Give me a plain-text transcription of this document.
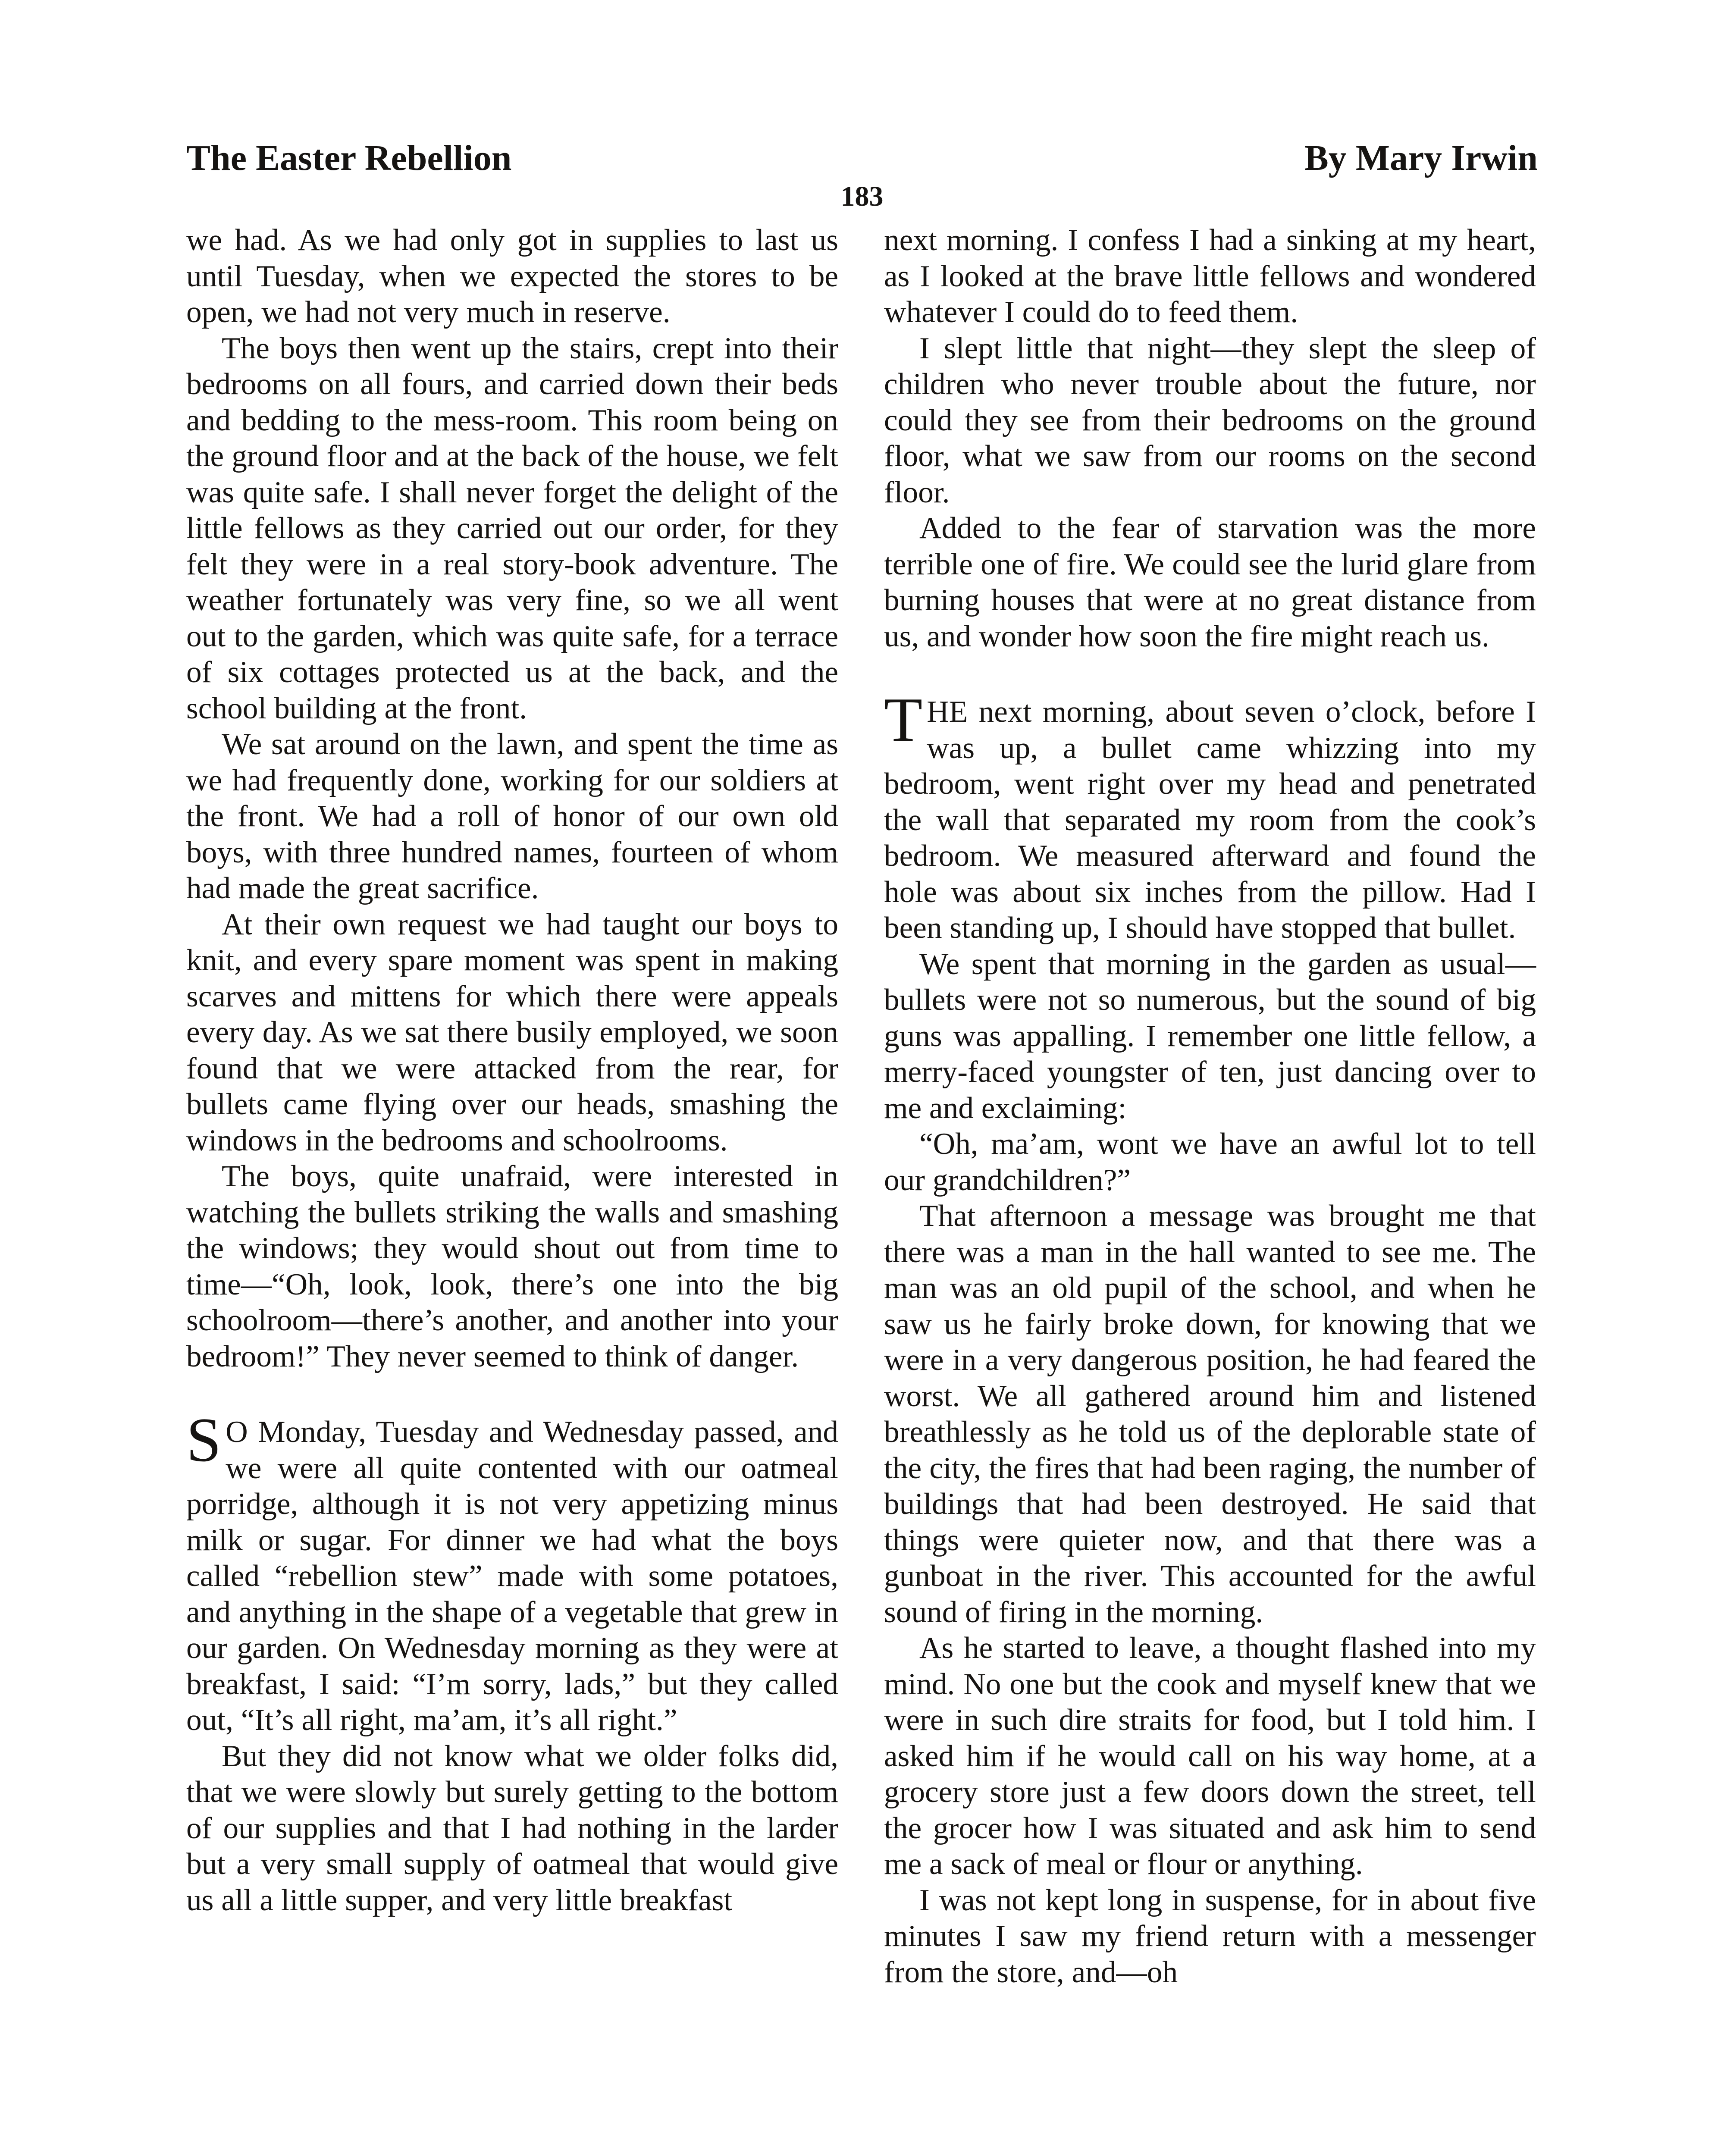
The Easter Rebellion	By Mary Irwin
183

we had. As we had only got in supplies to last us until Tuesday, when we expected the stores to be open, we had not very much in reserve.

The boys then went up the stairs, crept into their bedrooms on all fours, and carried down their beds and bedding to the mess-room. This room being on the ground floor and at the back of the house, we felt was quite safe. I shall never forget the delight of the little fellows as they carried out our order, for they felt they were in a real story-book adventure. The weather fortunately was very fine, so we all went out to the garden, which was quite safe, for a terrace of six cottages protected us at the back, and the school building at the front.

We sat around on the lawn, and spent the time as we had frequently done, working for our soldiers at the front. We had a roll of honor of our own old boys, with three hundred names, fourteen of whom had made the great sacrifice.

At their own request we had taught our boys to knit, and every spare moment was spent in making scarves and mittens for which there were appeals every day. As we sat there busily employed, we soon found that we were attacked from the rear, for bullets came flying over our heads, smashing the windows in the bedrooms and schoolrooms.

The boys, quite unafraid, were interested in watching the bullets striking the walls and smashing the windows; they would shout out from time to time—“Oh, look, look, there’s one into the big schoolroom—there’s another, and another into your bedroom!” They never seemed to think of danger.

S O Monday, Tuesday and Wednesday passed, and we were all quite contented with our oatmeal porridge, although it is not very appetizing minus milk or sugar. For dinner we had what the boys called “rebellion stew” made with some potatoes, and anything in the shape of a vegetable that grew in our garden. On Wednesday morning as they were at breakfast, I said: “I’m sorry, lads,” but they called out, “It’s all right, ma’am, it’s all right.”

But they did not know what we older folks did, that we were slowly but surely getting to the bottom of our supplies and that I had nothing in the larder but a very small supply of oatmeal that would give us all a little supper, and very little breakfast

next morning. I confess I had a sinking at my heart, as I looked at the brave little fellows and wondered whatever I could do to feed them.

I slept little that night—they slept the sleep of children who never trouble about the future, nor could they see from their bedrooms on the ground floor, what we saw from our rooms on the second floor.

Added to the fear of starvation was the more terrible one of fire. We could see the lurid glare from burning houses that were at no great distance from us, and wonder how soon the fire might reach us.

THE next morning, about seven o’clock, before I was up, a bullet came whizzing into my bedroom, went right over my head and penetrated the wall that separated my room from the cook’s bedroom. We measured afterward and found the hole was about six inches from the pillow. Had I been standing up, I should have stopped that bullet.

We spent that morning in the garden as usual—bullets were not so numerous, but the sound of big guns was appalling. I remember one little fellow, a merry-faced youngster of ten, just dancing over to me and exclaiming:

“Oh, ma’am, wont we have an awful lot to tell our grandchildren?”

That afternoon a message was brought me that there was a man in the hall wanted to see me. The man was an old pupil of the school, and when he saw us he fairly broke down, for knowing that we were in a very dangerous position, he had feared the worst. We all gathered around him and listened breathlessly as he told us of the deplorable state of the city, the fires that had been raging, the number of buildings that had been destroyed. He said that things were quieter now, and that there was a gunboat in the river. This accounted for the awful sound of firing in the morning.

As he started to leave, a thought flashed into my mind. No one but the cook and myself knew that we were in such dire straits for food, but I told him. I asked him if he would call on his way home, at a grocery store just a few doors down the street, tell the grocer how I was situated and ask him to send me a sack of meal or flour or anything.

I was not kept long in suspense, for in about five minutes I saw my friend return with a messenger from the store, and—oh
